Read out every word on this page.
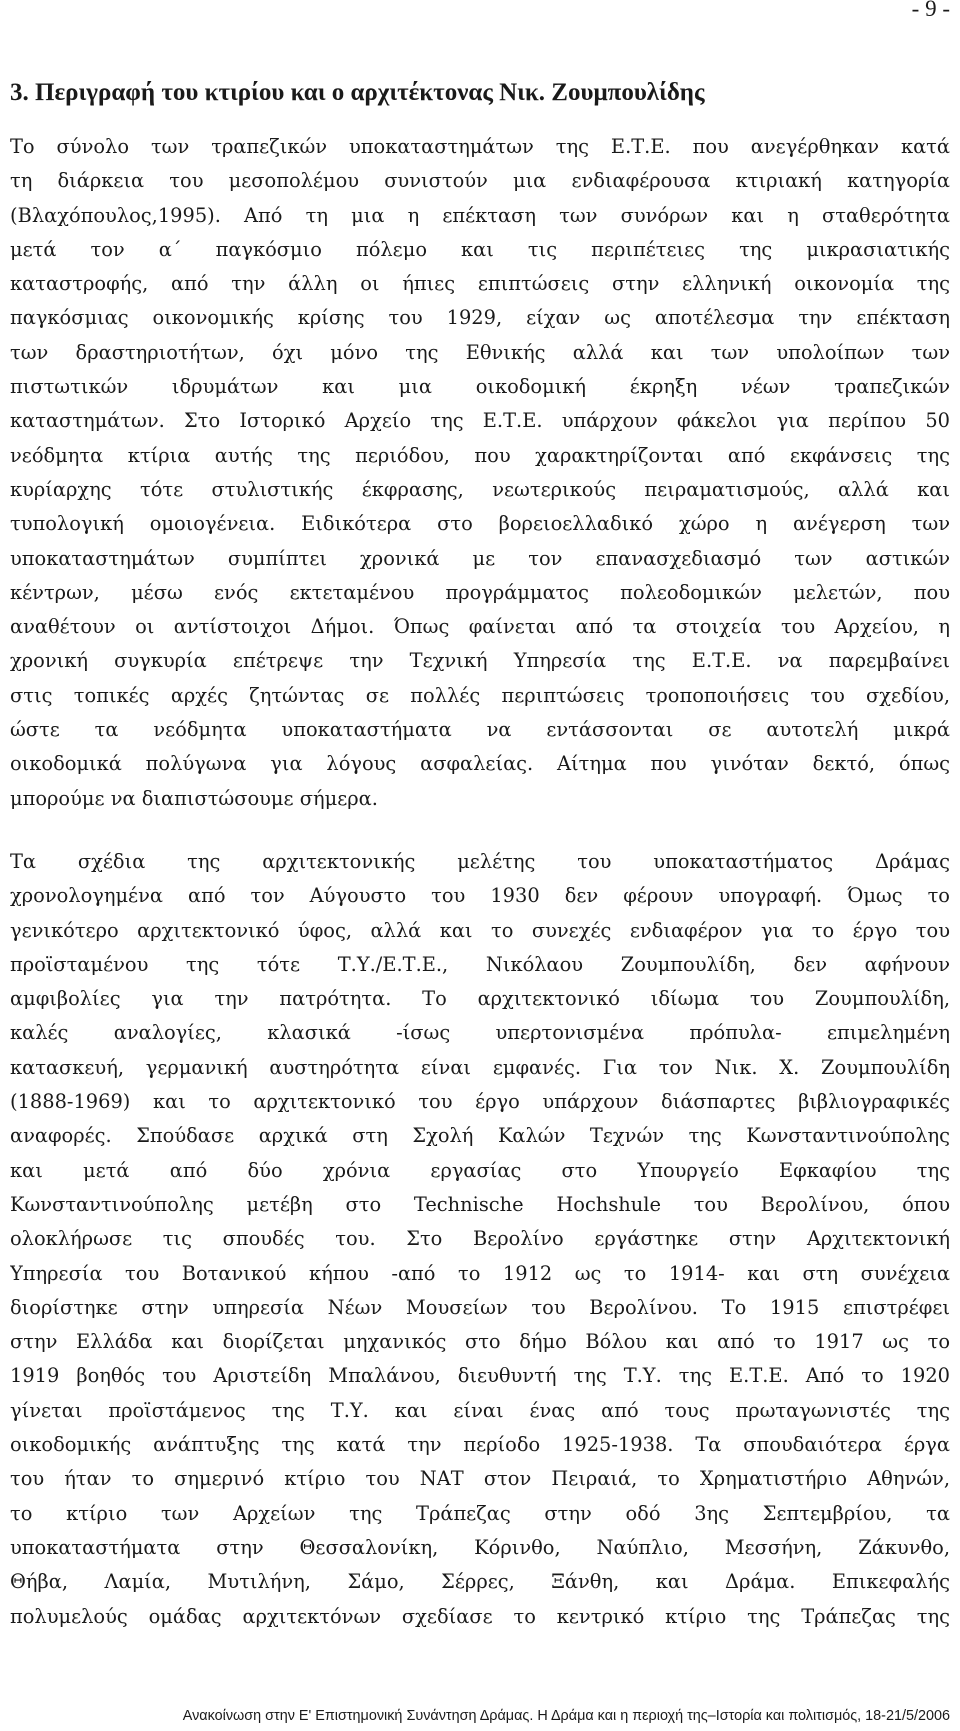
- 9 -
3. Περιγραφή του κτιρίου και ο αρχιτέκτονας Νικ. Ζουμπουλίδης
Το σύνολο των τραπεζικών υποκαταστημάτων της Ε.Τ.Ε. που ανεγέρθηκαν κατά
τη διάρκεια του μεσοπολέμου συνιστούν μια ενδιαφέρουσα κτιριακή κατηγορία
(Βλαχόπουλος,1995). Από τη μια η επέκταση των συνόρων και η σταθερότητα
μετά τον α΄ παγκόσμιο πόλεμο και τις περιπέτειες της μικρασιατικής
καταστροφής, από την άλλη οι ήπιες επιπτώσεις στην ελληνική οικονομία της
παγκόσμιας οικονομικής κρίσης του 1929, είχαν ως αποτέλεσμα την επέκταση
των δραστηριοτήτων, όχι μόνο της Εθνικής αλλά και των υπολοίπων των
πιστωτικών ιδρυμάτων και μια οικοδομική έκρηξη νέων τραπεζικών
καταστημάτων. Στο Ιστορικό Αρχείο της Ε.Τ.Ε. υπάρχουν φάκελοι για περίπου 50
νεόδμητα κτίρια αυτής της περιόδου, που χαρακτηρίζονται από εκφάνσεις της
κυρίαρχης τότε στυλιστικής έκφρασης, νεωτερικούς πειραματισμούς, αλλά και
τυπολογική ομοιογένεια. Ειδικότερα στο βορειοελλαδικό χώρο η ανέγερση των
υποκαταστημάτων συμπίπτει χρονικά με τον επανασχεδιασμό των αστικών
κέντρων, μέσω ενός εκτεταμένου προγράμματος πολεοδομικών μελετών, που
αναθέτουν οι αντίστοιχοι Δήμοι. Όπως φαίνεται από τα στοιχεία του Αρχείου, η
χρονική συγκυρία επέτρεψε την Τεχνική Υπηρεσία της Ε.Τ.Ε. να παρεμβαίνει
στις τοπικές αρχές ζητώντας σε πολλές περιπτώσεις τροποποιήσεις του σχεδίου,
ώστε τα νεόδμητα υποκαταστήματα να εντάσσονται σε αυτοτελή μικρά
οικοδομικά πολύγωνα για λόγους ασφαλείας. Αίτημα που γινόταν δεκτό, όπως
μπορούμε να διαπιστώσουμε σήμερα.
Τα σχέδια της αρχιτεκτονικής μελέτης του υποκαταστήματος Δράμας
χρονολογημένα από τον Αύγουστο του 1930 δεν φέρουν υπογραφή. Όμως το
γενικότερο αρχιτεκτονικό ύφος, αλλά και το συνεχές ενδιαφέρον για το έργο του
προϊσταμένου της τότε Τ.Υ./Ε.Τ.Ε., Νικόλαου Ζουμπουλίδη, δεν αφήνουν
αμφιβολίες για την πατρότητα. Το αρχιτεκτονικό ιδίωμα του Ζουμπουλίδη,
καλές αναλογίες, κλασικά -ίσως υπερτονισμένα πρόπυλα- επιμελημένη
κατασκευή, γερμανική αυστηρότητα είναι εμφανές. Για τον Νικ. Χ. Ζουμπουλίδη
(1888-1969) και το αρχιτεκτονικό του έργο υπάρχουν διάσπαρτες βιβλιογραφικές
αναφορές. Σπούδασε αρχικά στη Σχολή Καλών Τεχνών της Κωνσταντινούπολης
και μετά από δύο χρόνια εργασίας στο Υπουργείο Εφκαφίου της
Κωνσταντινούπολης μετέβη στο Technische Hochshule του Βερολίνου, όπου
ολοκλήρωσε τις σπουδές του. Στο Βερολίνο εργάστηκε στην Αρχιτεκτονική
Υπηρεσία του Βοτανικού κήπου -από το 1912 ως το 1914- και στη συνέχεια
διορίστηκε στην υπηρεσία Νέων Μουσείων του Βερολίνου. Το 1915 επιστρέφει
στην Ελλάδα και διορίζεται μηχανικός στο δήμο Βόλου και από το 1917 ως το
1919 βοηθός του Αριστείδη Μπαλάνου, διευθυντή της Τ.Υ. της Ε.Τ.Ε. Από το 1920
γίνεται προϊστάμενος της Τ.Υ. και είναι ένας από τους πρωταγωνιστές της
οικοδομικής ανάπτυξης της κατά την περίοδο 1925-1938. Τα σπουδαιότερα έργα
του ήταν το σημερινό κτίριο του ΝΑΤ στον Πειραιά, το Χρηματιστήριο Αθηνών,
το κτίριο των Αρχείων της Τράπεζας στην οδό 3ης Σεπτεμβρίου, τα
υποκαταστήματα στην Θεσσαλονίκη, Κόρινθο, Ναύπλιο, Μεσσήνη, Ζάκυνθο,
Θήβα, Λαμία, Μυτιλήνη, Σάμο, Σέρρες, Ξάνθη, και Δράμα. Επικεφαλής
πολυμελούς ομάδας αρχιτεκτόνων σχεδίασε το κεντρικό κτίριο της Τράπεζας της
Ανακοίνωση στην Ε' Επιστημονική Συνάντηση Δράμας. Η Δράμα και η περιοχή της–Ιστορία και πολιτισμός, 18-21/5/2006
